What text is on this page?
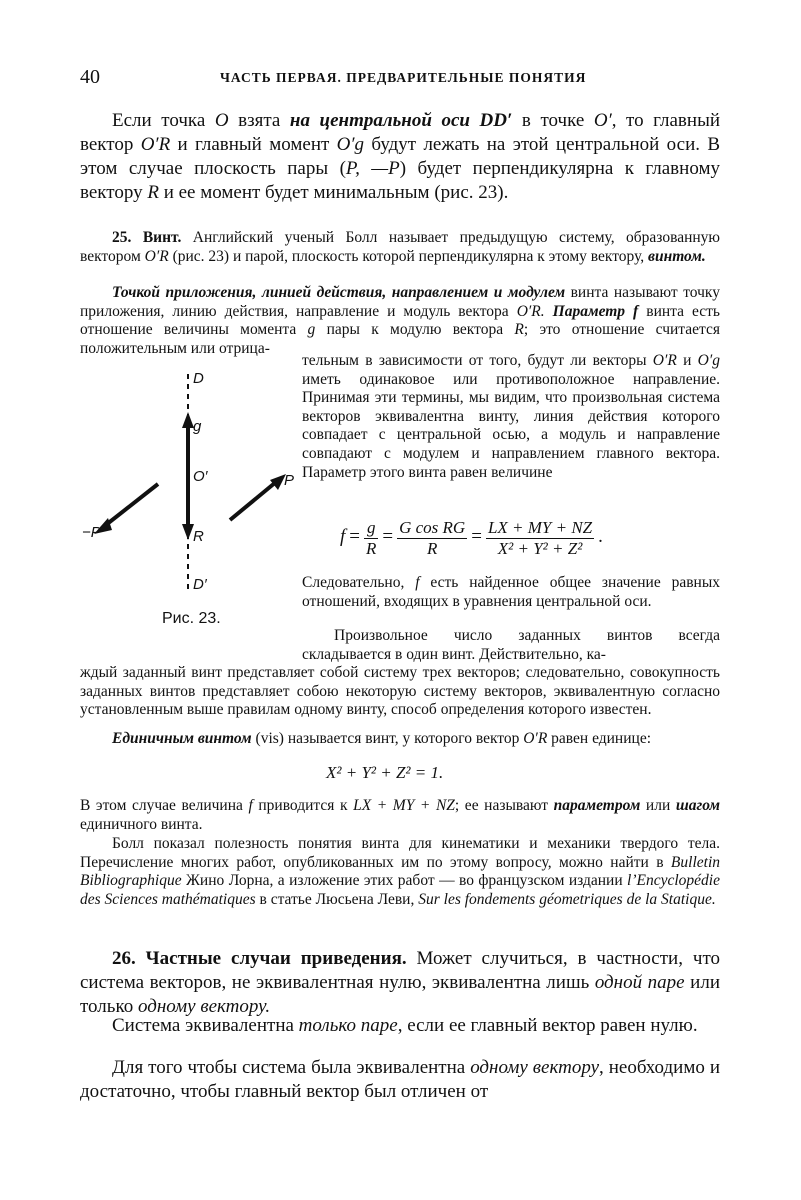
40	ЧАСТЬ ПЕРВАЯ. ПРЕДВАРИТЕЛЬНЫЕ ПОНЯТИЯ

Если точка O взята на центральной оси DD′ в точке O′, то главный вектор O′R и главный момент O′g будут лежать на этой центральной оси. В этом случае плоскость пары (P, —P) будет перпендикулярна к главному вектору R и ее момент будет минимальным (рис. 23).

25. Винт. Английский ученый Болл называет предыдущую систему, образованную вектором O′R (рис. 23) и парой, плоскость которой перпендикулярна к этому вектору, винтом.

Точкой приложения, линией действия, направлением и модулем винта называют точку приложения, линию действия, направление и модуль вектора O′R. Параметр f винта есть отношение величины момента g пары к модулю вектора R; это отношение считается положительным или отрица-

тельным в зависимости от того, будут ли векторы O′R и O′g иметь одинаковое или противоположное направление. Принимая эти термины, мы видим, что произвольная система векторов эквивалентна винту, линия действия которого совпадает с центральной осью, а модуль и направление совпадают с модулем и направлением главного вектора. Параметр этого винта равен величине

D
g
O′
R
D′
P
−P
Рис. 23.
$f = \frac{g}{R} = \frac{\text{G cos RG}}{R} = \frac{LX + MY + NZ}{\text{X² + Y² + Z²}}$ .

Следовательно, f есть найденное общее значение равных отношений, входящих в уравнения центральной оси.

Произвольное число заданных винтов всегда складывается в один винт. Действительно, ка-

ждый заданный винт представляет собой систему трех векторов; следовательно, совокупность заданных винтов представляет собою некоторую систему векторов, эквивалентную согласно установленным выше правилам одному винту, способ определения которого известен.

Единичным винтом (vis) называется винт, у которого вектор O′R равен единице:

X² + Y² + Z² = 1.

В этом случае величина f приводится к LX + MY + NZ; ее называют параметром или шагом единичного винта.

Болл показал полезность понятия винта для кинематики и механики твердого тела. Перечисление многих работ, опубликованных им по этому вопросу, можно найти в Bulletin Bibliographique Жино Лорна, а изложение этих работ — во французском издании l’Encyclopédie des Sciences mathématiques в статье Люсьена Леви, Sur les fondements géometriques de la Statique.

26. Частные случаи приведения. Может случиться, в частности, что система векторов, не эквивалентная нулю, эквивалентна лишь одной паре или только одному вектору.

Система эквивалентна только паре, если ее главный вектор равен нулю.

Для того чтобы система была эквивалентна одному вектору, необходимо и достаточно, чтобы главный вектор был отличен от
